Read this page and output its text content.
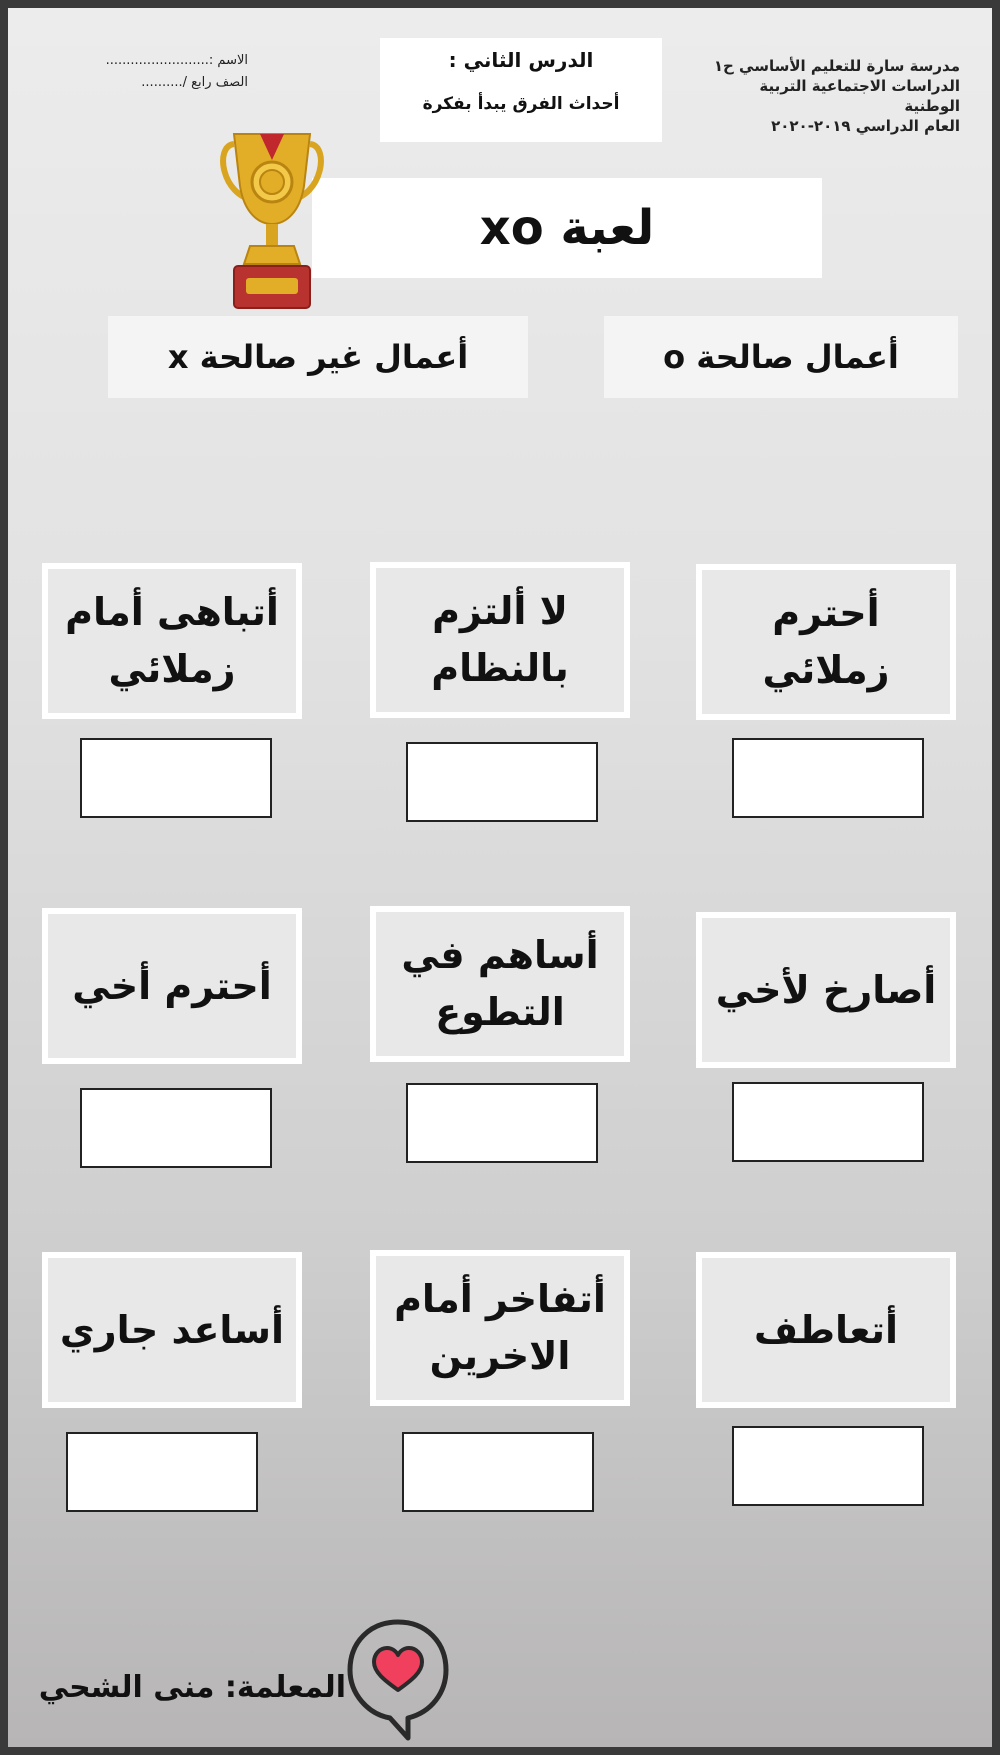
مدرسة سارة للتعليم الأساسي ح١
الدراسات الاجتماعية التربية الوطنية
العام الدراسي ٢٠١٩-٢٠٢٠
الاسم :.........................
الصف رابع /..........
الدرس الثاني :
أحداث الفرق يبدأ بفكرة
لعبة xo
أعمال صالحة o
أعمال غير صالحة x
أحترم زملائي
لا ألتزم بالنظام
أتباهى أمام زملائي
أصارخ لأخي
أساهم في التطوع
أحترم أخي
أتعاطف
أتفاخر أمام الاخرين
أساعد جاري
المعلمة: منى الشحي
